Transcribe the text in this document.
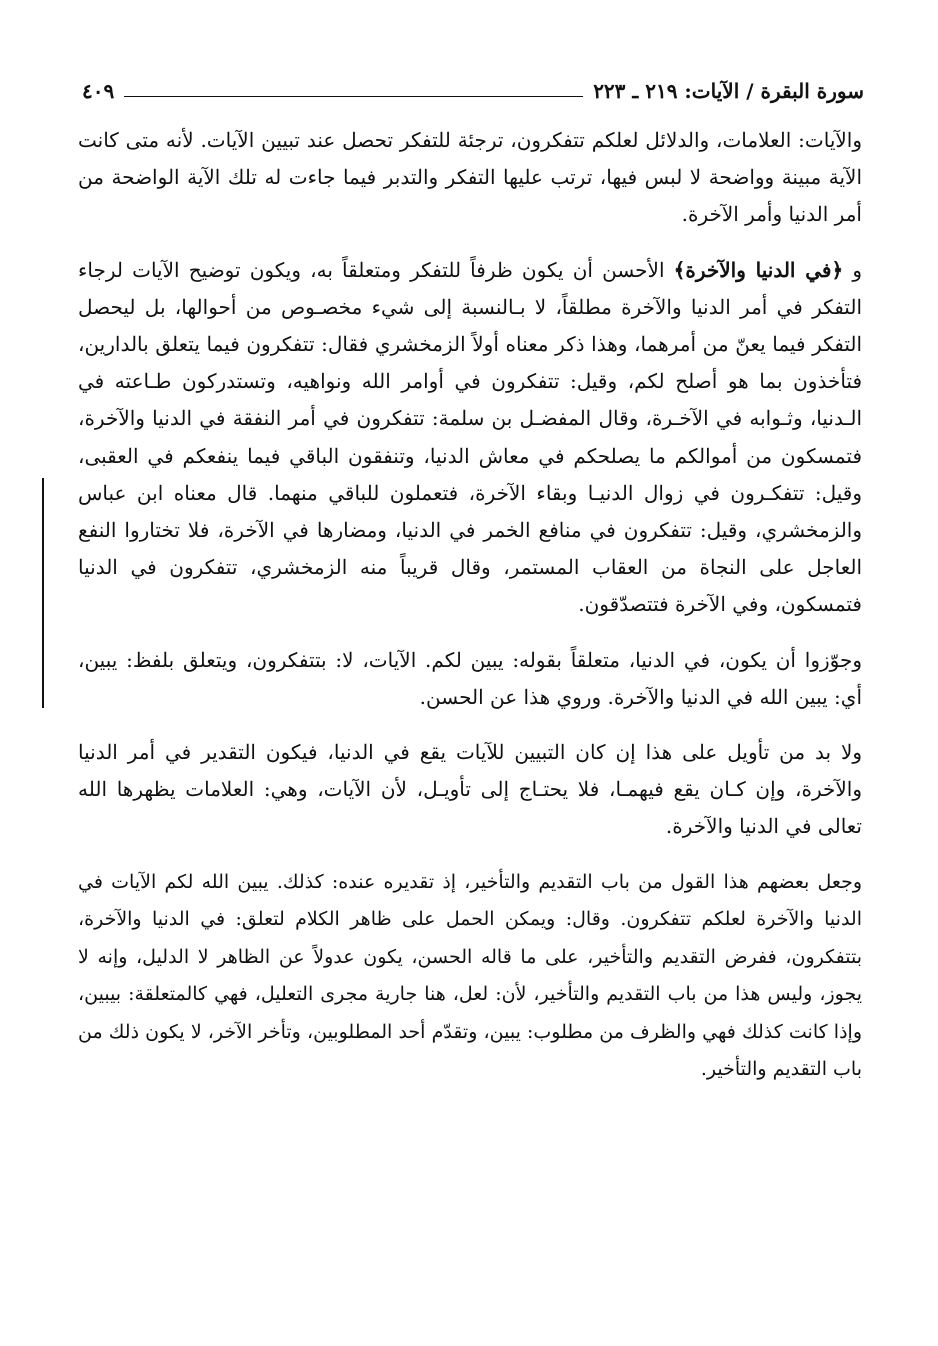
سورة البقرة / الآيات: ٢١٩ ـ ٢٢٣
٤٠٩

والآيات: العلامات، والدلائل لعلكم تتفكرون، ترجئة للتفكر تحصل عند تبيين الآيات. لأنه متى كانت الآية مبينة وواضحة لا لبس فيها، ترتب عليها التفكر والتدبر فيما جاءت له تلك الآية الواضحة من أمر الدنيا وأمر الآخرة.

و ﴿في الدنيا والآخرة﴾ الأحسن أن يكون ظرفاً للتفكر ومتعلقاً به، ويكون توضيح الآيات لرجاء التفكر في أمر الدنيا والآخرة مطلقاً، لا بـالنسبة إلى شيء مخصـوص من أحوالها، بل ليحصل التفكر فيما يعنّ من أمرهما، وهذا ذكر معناه أولاً الزمخشري فقال: تتفكرون فيما يتعلق بالدارين، فتأخذون بما هو أصلح لكم، وقيل: تتفكرون في أوامر الله ونواهيه، وتستدركون طـاعته في الـدنيا، وثـوابه في الآخـرة، وقال المفضـل بن سلمة: تتفكرون في أمر النفقة في الدنيا والآخرة، فتمسكون من أموالكم ما يصلحكم في معاش الدنيا، وتنفقون الباقي فيما ينفعكم في العقبى، وقيل: تتفكـرون في زوال الدنيـا وبقاء الآخرة، فتعملون للباقي منهما. قال معناه ابن عباس والزمخشري، وقيل: تتفكرون في منافع الخمر في الدنيا، ومضارها في الآخرة، فلا تختاروا النفع العاجل على النجاة من العقاب المستمر، وقال قريباً منه الزمخشري، تتفكرون في الدنيا فتمسكون، وفي الآخرة فتتصدّقون.

وجوّزوا أن يكون، في الدنيا، متعلقاً بقوله: يبين لكم. الآيات، لا: بتتفكرون، ويتعلق بلفظ: يبين، أي: يبين الله في الدنيا والآخرة. وروي هذا عن الحسن.

ولا بد من تأويل على هذا إن كان التبيين للآيات يقع في الدنيا، فيكون التقدير في أمر الدنيا والآخرة، وإن كـان يقع فيهمـا، فلا يحتـاج إلى تأويـل، لأن الآيات، وهي: العلامات يظهرها الله تعالى في الدنيا والآخرة.

وجعل بعضهم هذا القول من باب التقديم والتأخير، إذ تقديره عنده: كذلك. يبين الله لكم الآيات في الدنيا والآخرة لعلكم تتفكرون. وقال: ويمكن الحمل على ظاهر الكلام لتعلق: في الدنيا والآخرة، بتتفكرون، ففرض التقديم والتأخير، على ما قاله الحسن، يكون عدولاً عن الظاهر لا الدليل، وإنه لا يجوز، وليس هذا من باب التقديم والتأخير، لأن: لعل، هنا جارية مجرى التعليل، فهي كالمتعلقة: بيبين، وإذا كانت كذلك فهي والظرف من مطلوب: يبين، وتقدّم أحد المطلوبين، وتأخر الآخر، لا يكون ذلك من باب التقديم والتأخير.
